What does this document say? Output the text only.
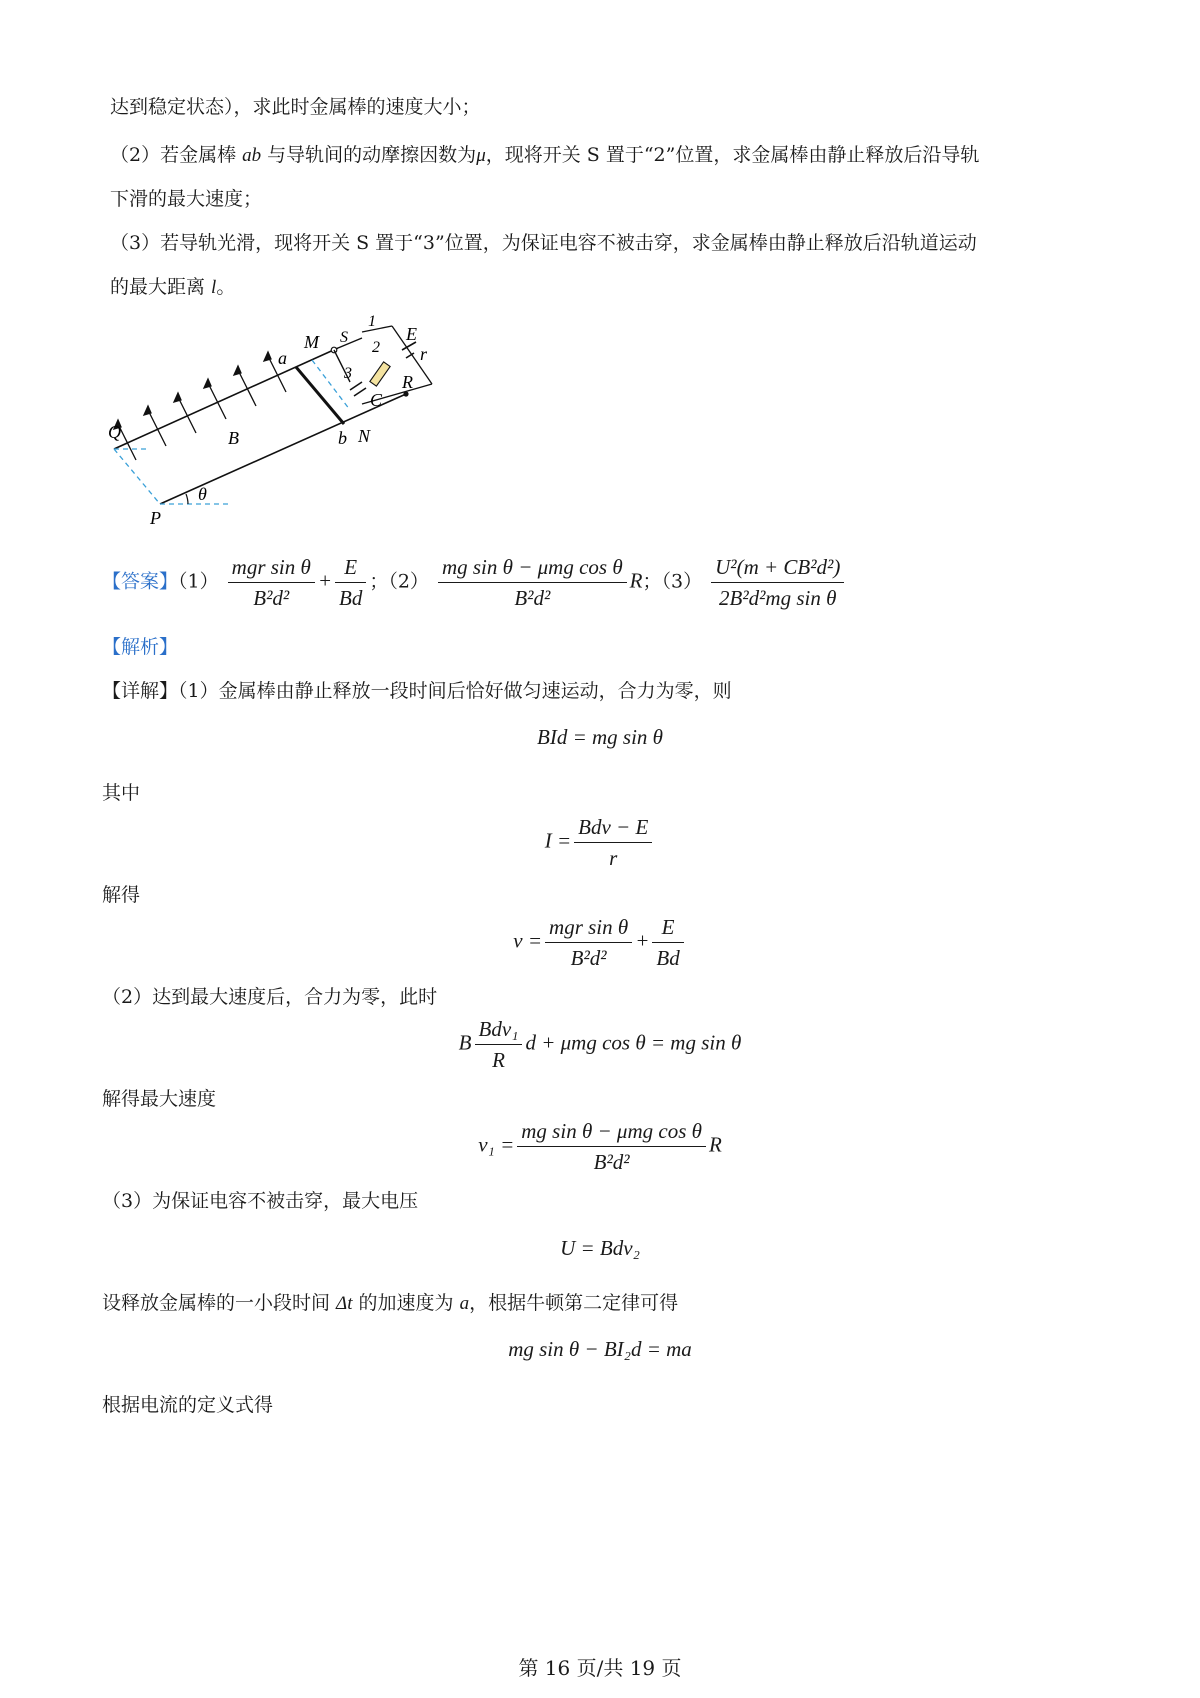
达到稳定状态），求此时金属棒的速度大小；
（2）若金属棒 ab 与导轨间的动摩擦因数为μ，现将开关 S 置于“2”位置，求金属棒由静止释放后沿导轨
下滑的最大速度；
（3）若导轨光滑，现将开关 S 置于“3”位置，为保证电容不被击穿，求金属棒由静止释放后沿轨道运动
的最大距离 l。
M S
1
2
E
r
3	R
C
a
Q	B	b N
θ
P
【答案】$(1) \frac{\text{mgr sin θ}}{\text{B²d²}} + \frac{E}{Bd}$ ；$(2) \frac{\text{mg sin θ − μmg cos θ}}{\text{B²d²}}$ R；$(3) \frac{\text{U²(m + CB²d²)}}{\text{2B²d²mg sin θ}}$
【解析】
【详解】（1）金属棒由静止释放一段时间后恰好做匀速运动，合力为零，则
BId = mg sin θ
其中
$I = \frac{\text{Bdv − E}}{r}$
解得
$v = \frac{\text{mgr sin θ}}{\text{B²d²}} + \frac{E}{Bd}$
（2）达到最大速度后，合力为零，此时
B $\frac{\text{Bdv₁}}{R}$ d + μmg cos θ = mg sin θ
解得最大速度
$v_1 = \frac{\text{mg sin θ − μmg cos θ}}{\text{B²d²}}$ R
（3）为保证电容不被击穿，最大电压
U = Bdv₂
设释放金属棒的一小段时间 Δt 的加速度为 a，根据牛顿第二定律可得
mg sin θ − BI₂d = ma
根据电流的定义式得
第 16 页/共 19 页
